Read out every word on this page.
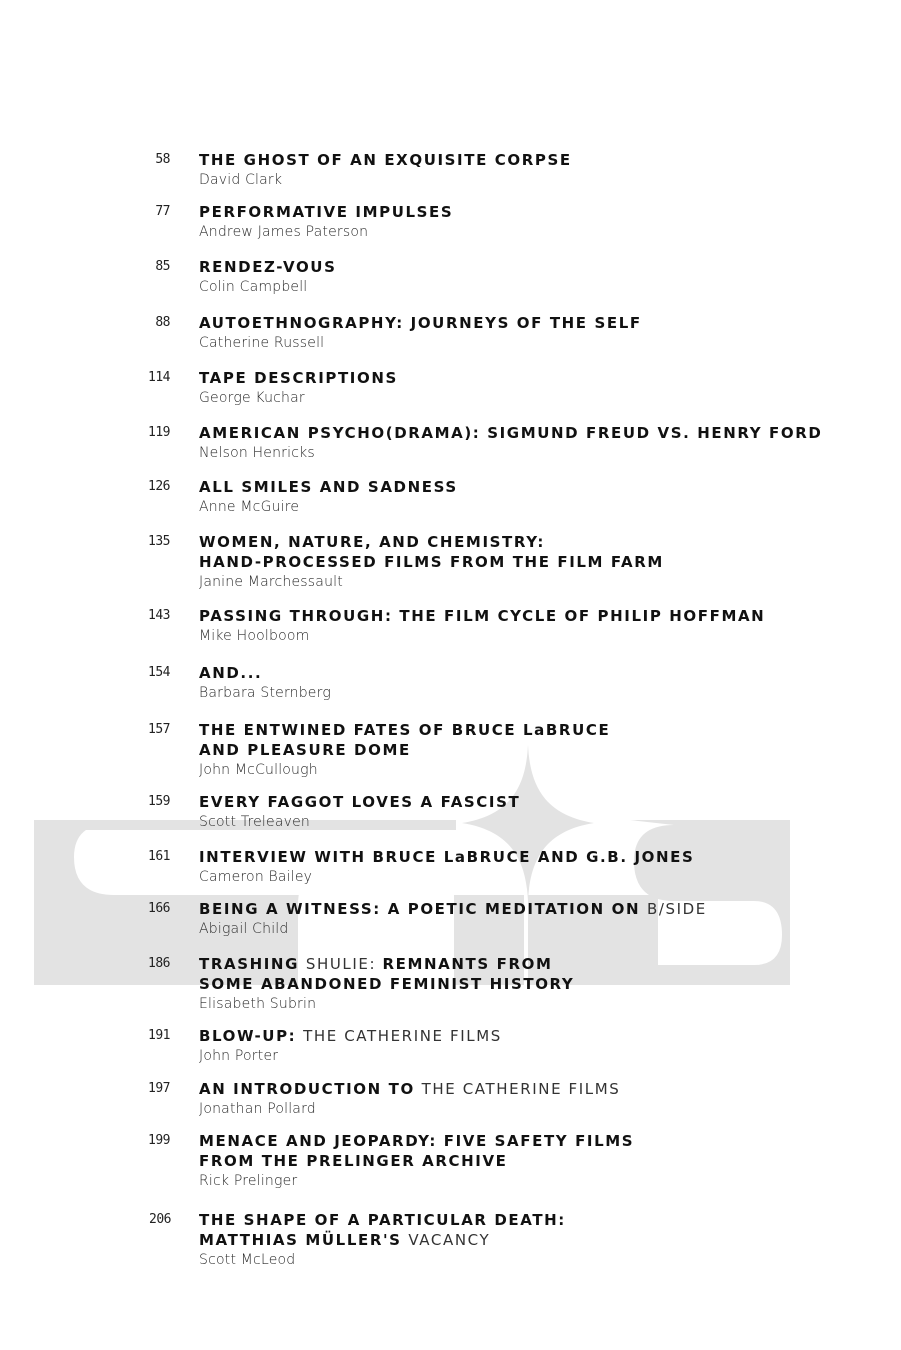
58 THE GHOST OF AN EXQUISITE CORPSE
David Clark
77 PERFORMATIVE IMPULSES
Andrew James Paterson
85 RENDEZ-VOUS
Colin Campbell
88 AUTOETHNOGRAPHY: JOURNEYS OF THE SELF
Catherine Russell
114 TAPE DESCRIPTIONS
George Kuchar
119 AMERICAN PSYCHO(DRAMA): SIGMUND FREUD VS. HENRY FORD
Nelson Henricks
126 ALL SMILES AND SADNESS
Anne McGuire
135 WOMEN, NATURE, AND CHEMISTRY:
HAND-PROCESSED FILMS FROM THE FILM FARM
Janine Marchessault
143 PASSING THROUGH: THE FILM CYCLE OF PHILIP HOFFMAN
Mike Hoolboom
154 AND...
Barbara Sternberg
157 THE ENTWINED FATES OF BRUCE LaBRUCE
AND PLEASURE DOME
John McCullough
159 EVERY FAGGOT LOVES A FASCIST
Scott Treleaven
161 INTERVIEW WITH BRUCE LaBRUCE AND G.B. JONES
Cameron Bailey
166 BEING A WITNESS: A POETIC MEDITATION ON B/SIDE
Abigail Child
186 TRASHING SHULIE: REMNANTS FROM
SOME ABANDONED FEMINIST HISTORY
Elisabeth Subrin
191 BLOW-UP: THE CATHERINE FILMS
John Porter
197 AN INTRODUCTION TO THE CATHERINE FILMS
Jonathan Pollard
199 MENACE AND JEOPARDY: FIVE SAFETY FILMS
FROM THE PRELINGER ARCHIVE
Rick Prelinger
206 THE SHAPE OF A PARTICULAR DEATH:
MATTHIAS MÜLLER'S VACANCY
Scott McLeod
